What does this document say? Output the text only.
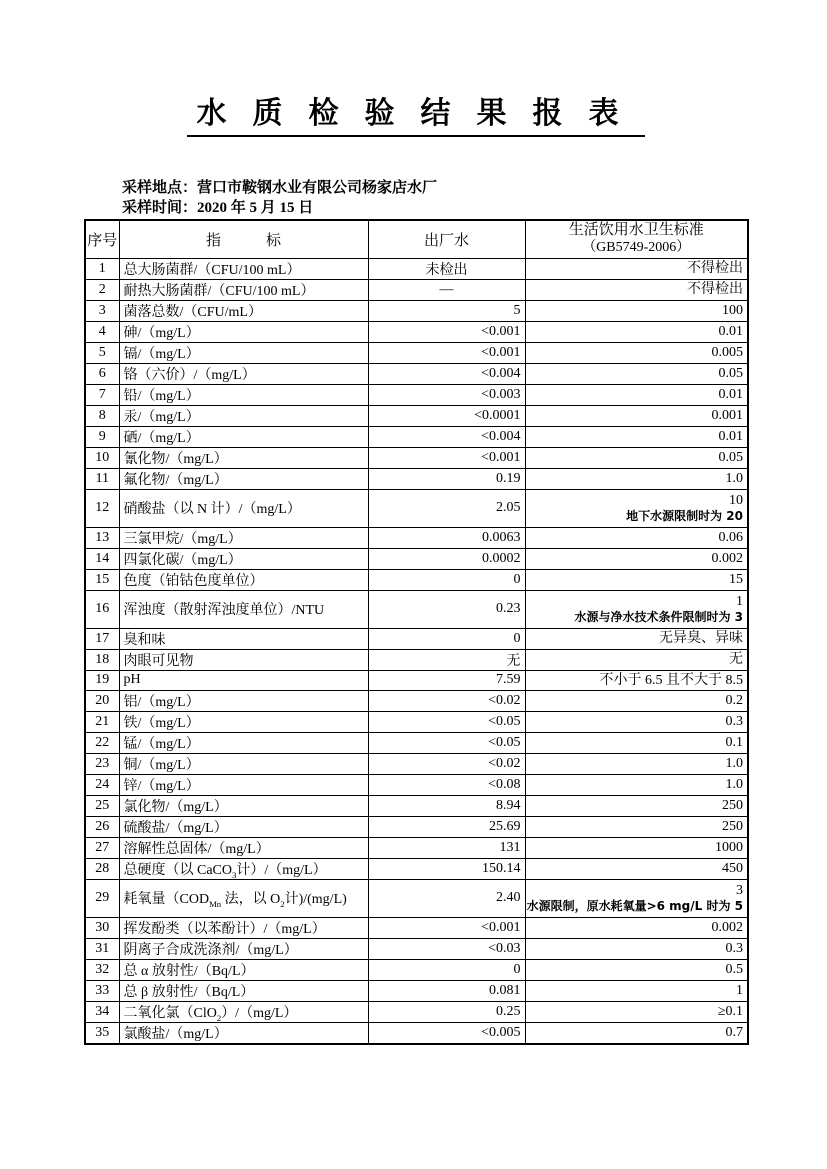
水质检验结果报表
采样地点：营口市鞍钢水业有限公司杨家店水厂
采样时间：2020 年 5 月 15 日
序号	指 标	出厂水	生活饮用水卫生标准
（GB5749-2006）

1	总大肠菌群/（CFU/100 mL）	未检出	不得检出

2	耐热大肠菌群/（CFU/100 mL）	—	不得检出

3	菌落总数/（CFU/mL）	5	100

4	砷/（mg/L）	<0.001	0.01

5	镉/（mg/L）	<0.001	0.005

6	铬（六价）/（mg/L）	<0.004	0.05

7	铅/（mg/L）	<0.003	0.01

8	汞/（mg/L）	<0.0001	0.001

9	硒/（mg/L）	<0.004	0.01

10	氰化物/（mg/L）	<0.001	0.05

11	氟化物/（mg/L）	0.19	1.0

12	硝酸盐（以 N 计）/（mg/L）	2.05	10
地下水源限制时为 20

13	三氯甲烷/（mg/L）	0.0063	0.06

14	四氯化碳/（mg/L）	0.0002	0.002

15	色度（铂钴色度单位）	0	15

16	浑浊度（散射浑浊度单位）/NTU	0.23	1
水源与净水技术条件限制时为 3

17	臭和味	0	无异臭、异味

18	肉眼可见物	无	无

19	pH	7.59	不小于 6.5 且不大于 8.5

20	铝/（mg/L）	<0.02	0.2

21	铁/（mg/L）	<0.05	0.3

22	锰/（mg/L）	<0.05	0.1

23	铜/（mg/L）	<0.02	1.0

24	锌/（mg/L）	<0.08	1.0

25	氯化物/（mg/L）	8.94	250

26	硫酸盐/（mg/L）	25.69	250

27	溶解性总固体/（mg/L）	131	1000

28	总硬度（以 CaCO$_3$计）/（mg/L）	150.14	450

29	耗氧量（$COD_{Mn}$ 法，以 $O_2$计)/(mg/L)	2.40	3
水源限制，原水耗氧量>6 mg/L 时为 5

30	挥发酚类（以苯酚计）/（mg/L）	<0.001	0.002

31	阴离子合成洗涤剂/（mg/L）	<0.03	0.3

32	总 α 放射性/（Bq/L）	0	0.5

33	总 β 放射性/（Bq/L）	0.081	1

34	二氧化氯（ClO$_2$）/（mg/L）	0.25	≥0.1

35	氯酸盐/（mg/L）	<0.005	0.7
